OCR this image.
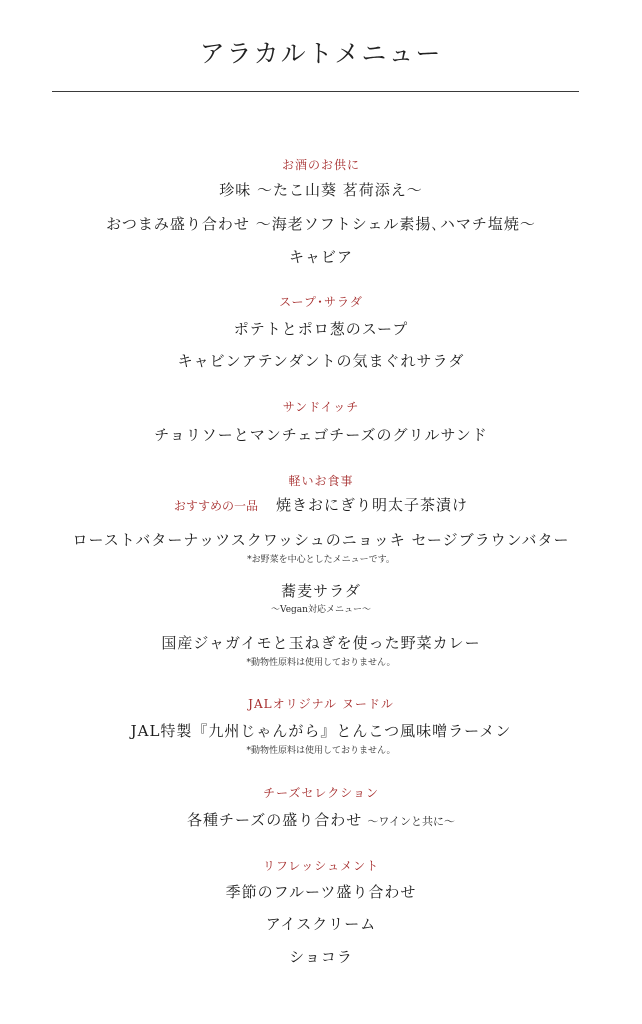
アラカルトメニュー
お酒のお供に
珍味 ～たこ山葵 茗荷添え～
おつまみ盛り合わせ ～海老ソフトシェル素揚､ハマチ塩焼～
キャビア
スープ･サラダ
ポテトとポロ葱のスープ
キャビンアテンダントの気まぐれサラダ
サンドイッチ
チョリソーとマンチェゴチーズのグリルサンド
軽いお食事
おすすめの一品 焼きおにぎり明太子茶漬け
ローストバターナッツスクワッシュのニョッキ セージブラウンバター
*お野菜を中心としたメニューです。
蕎麦サラダ
～Vegan対応メニュー～
国産ジャガイモと玉ねぎを使った野菜カレー
*動物性原料は使用しておりません。
JALオリジナル ヌードル
JAL特製『九州じゃんがら』とんこつ風味噌ラーメン
*動物性原料は使用しておりません。
チーズセレクション
各種チーズの盛り合わせ ～ワインと共に～
リフレッシュメント
季節のフルーツ盛り合わせ
アイスクリーム
ショコラ
